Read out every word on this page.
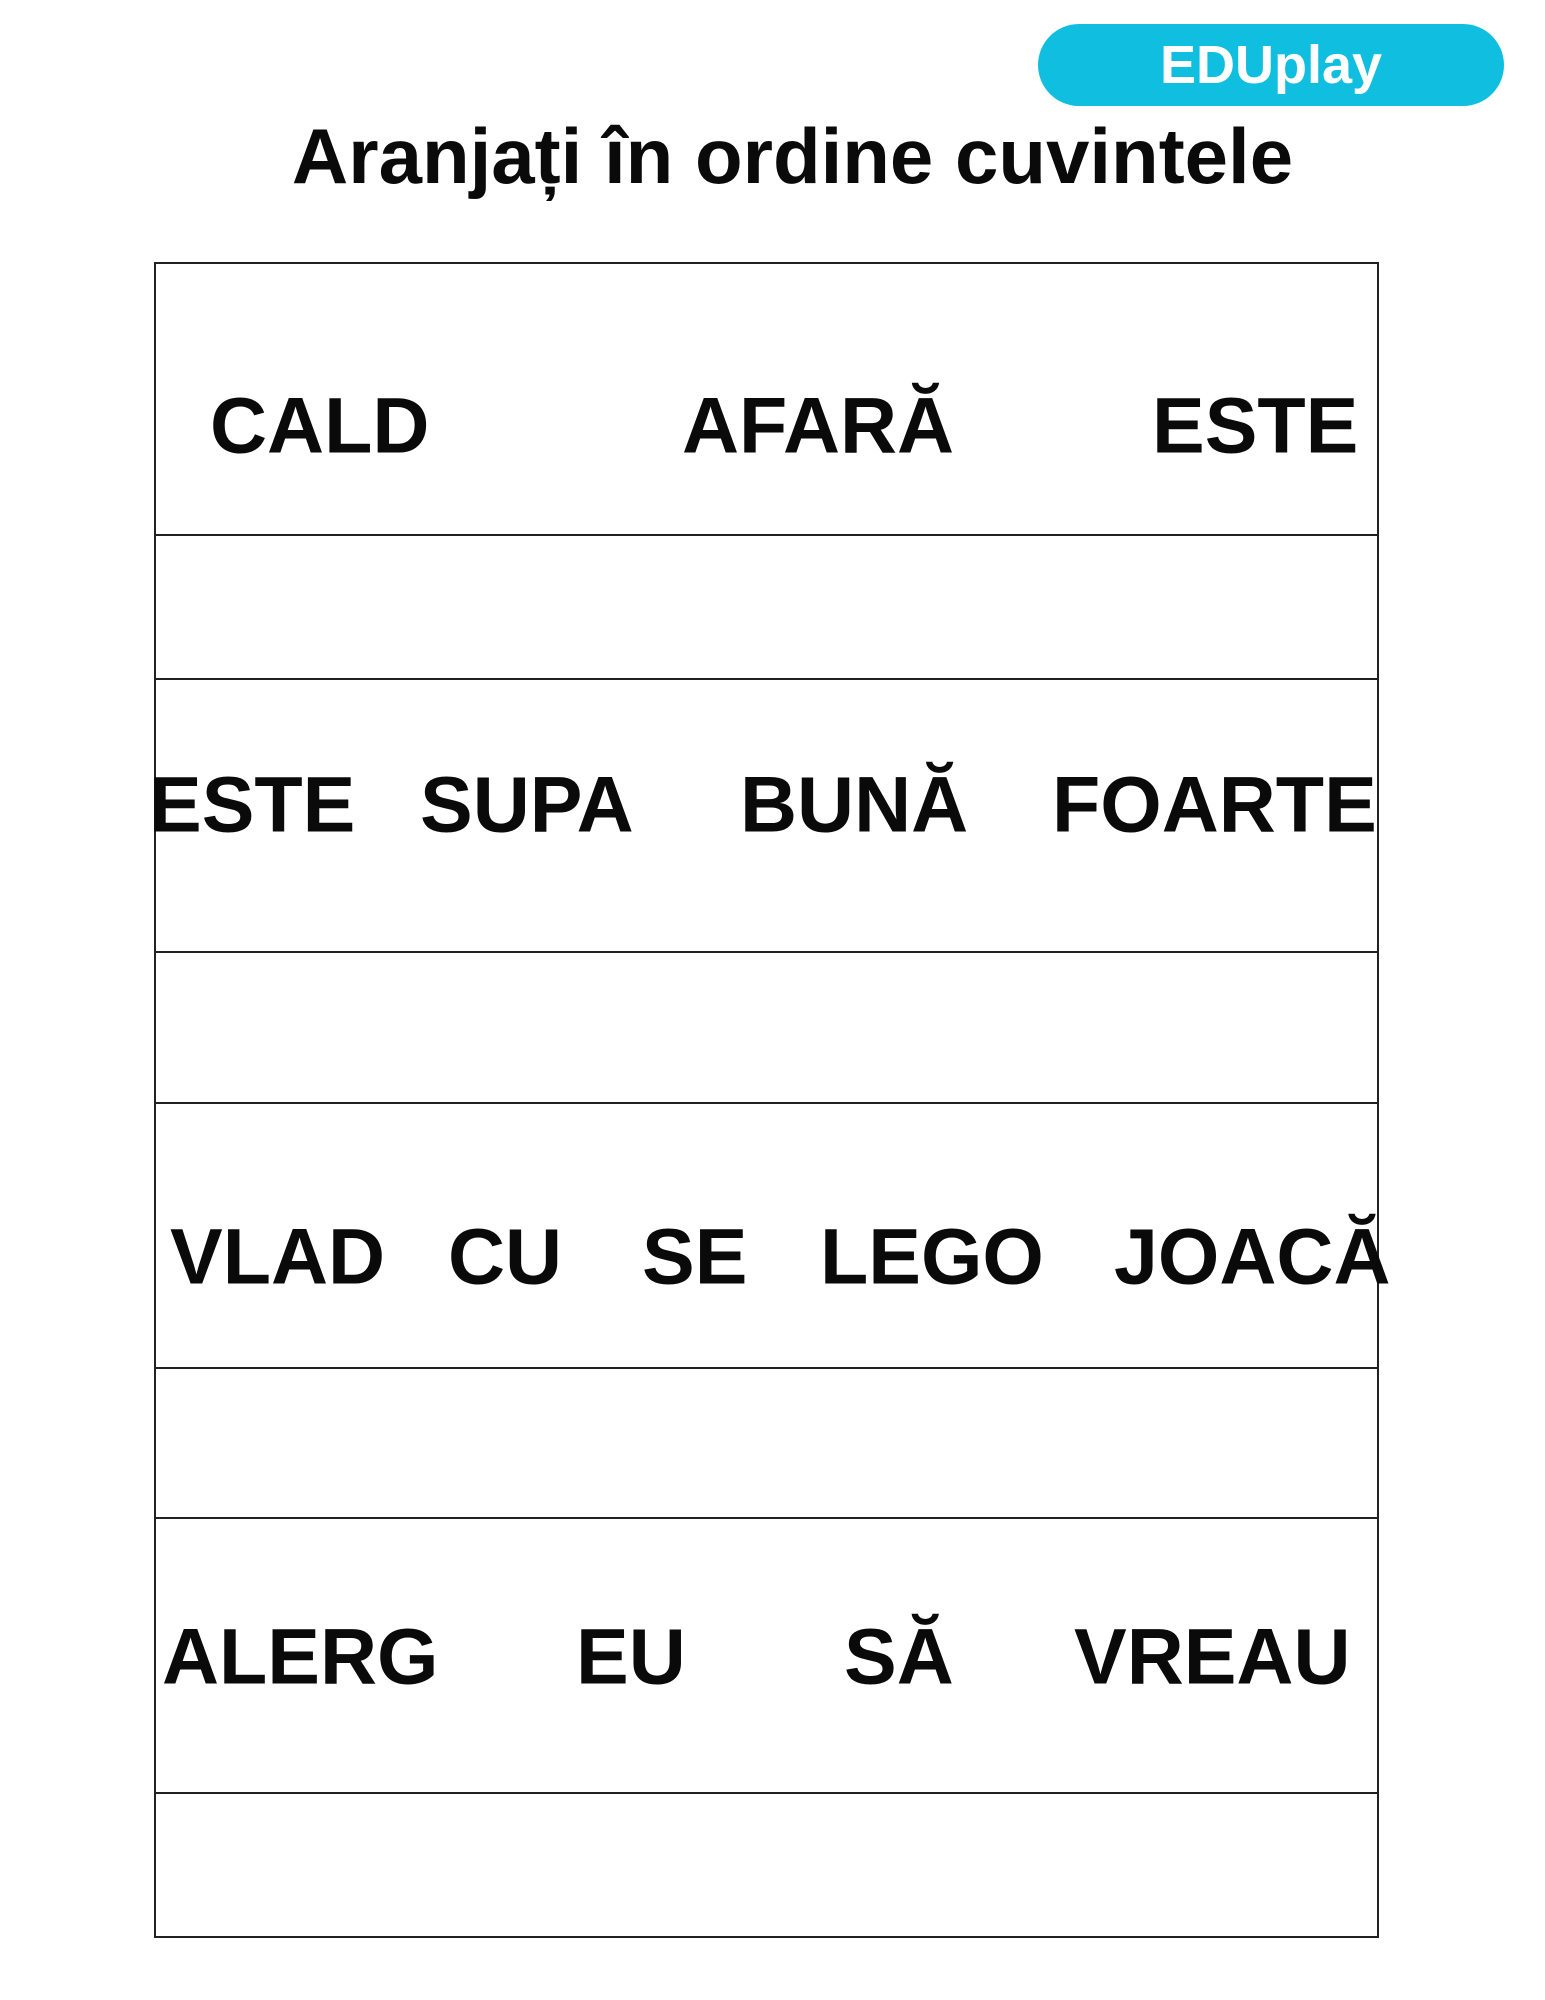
EDUplay
Aranjați în ordine cuvintele
CALD	AFARĂ	ESTE
ESTE SUPA BUNĂ FOARTE
VLAD CU SE LEGO JOACĂ
ALERG EU SĂ VREAU
